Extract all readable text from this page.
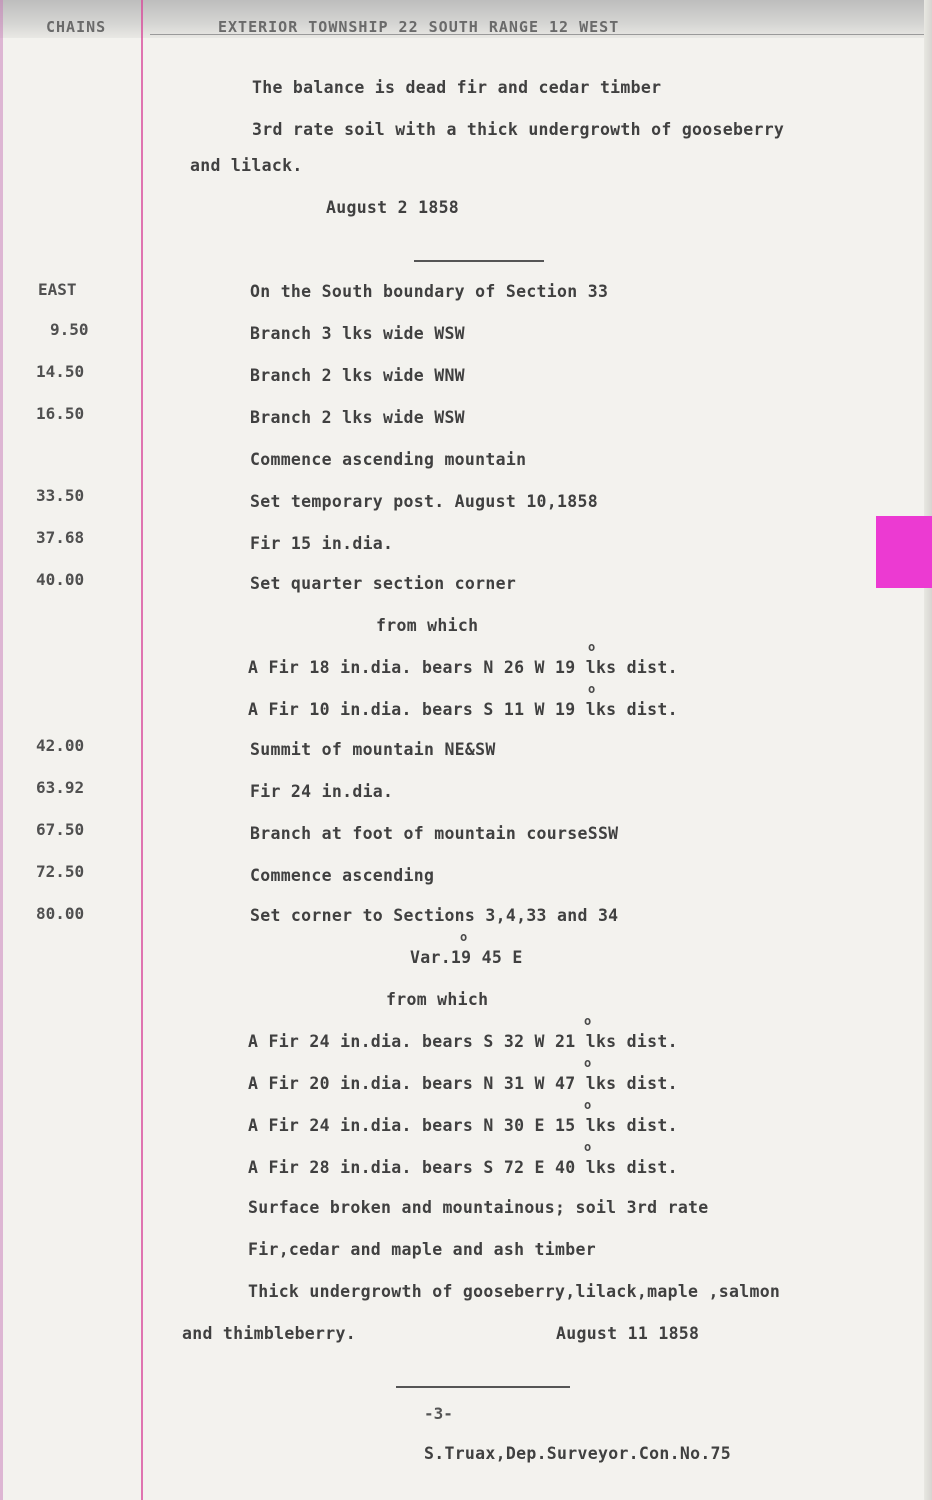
CHAINS	EXTERIOR TOWNSHIP 22 SOUTH RANGE 12 WEST
The balance is dead fir and cedar timber
3rd rate soil with a thick undergrowth of gooseberry
and lilack.
August 2 1858
EAST	On the South boundary of Section 33
9.50	Branch 3 lks wide WSW
14.50	Branch 2 lks wide WNW
16.50	Branch 2 lks wide WSW
Commence ascending mountain
33.50	Set temporary post. August 10,1858
37.68	Fir 15 in.dia.
40.00	Set quarter section corner
from which
o
A Fir 18 in.dia. bears N 26 W 19 lks dist.
o
A Fir 10 in.dia. bears S 11 W 19 lks dist.
42.00	Summit of mountain NE&SW
63.92	Fir 24 in.dia.
67.50	Branch at foot of mountain courseSSW
72.50	Commence ascending
80.00	Set corner to Sections 3,4,33 and 34
o
Var.19 45 E
from which
o
A Fir 24 in.dia. bears S 32 W 21 lks dist.
o
A Fir 20 in.dia. bears N 31 W 47 lks dist.
o
A Fir 24 in.dia. bears N 30 E 15 lks dist.
o
A Fir 28 in.dia. bears S 72 E 40 lks dist.
Surface broken and mountainous; soil 3rd rate
Fir,cedar and maple and ash timber
Thick undergrowth of gooseberry,lilack,maple ,salmon
and thimbleberry.	August 11 1858
-3-
S.Truax,Dep.Surveyor.Con.No.75
